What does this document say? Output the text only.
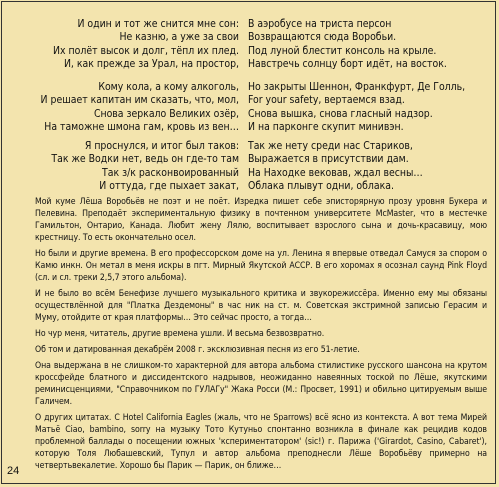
И один и тот же снится мне сон:
Не казню, а уже за свои
Их полёт высок и долг, тёпл их плед.
И, как прежде за Урал, на простор,
В аэробусе на триста персон
Возвращаются сюда Воробьи.
Под луной блестит консоль на крыле.
Навстречь солнцу борт идёт, на восток.
Кому кола, а кому алкоголь,
И решает капитан им сказать, что, мол,
Снова зеркало Великих озёр,
На таможне шмона гам, кровь из вен…
Но закрыты Шеннон, Франкфурт, Де Голль,
For your safety, вертаемся взад.
Снова вышка, снова гласный надзор.
И на парконге скупит минивэн.
Я проснулся, и итог был таков:
Так же Водки нет, ведь он где-то там
Так з/к расконвоированный
И оттуда, где пыхает закат,
Так же нету среди нас Стариков,
Выражается в присутствии дам.
На Находке вековав, ждал весны…
Облака плывут одни, облака.

Мой куме Лёша Воробьёв не поэт и не поёт. Изредка пишет себе эписторярную прозу уровня Букера и Пелевина. Преподаёт экспериментальную физику в почтенном университете McMaster, что в местечке Гамильтон, Онтарио, Канада. Любит жену Лялю, воспитывает взрослого сына и дочь-красавицу, мою крестницу. То есть окончательно осел.

Но были и другие времена. В его профессорском доме на ул. Ленина я впервые отведал Самуся за спором о Камю инкн. Он метал в меня искры в пгт. Мирный Якутской АССР. В его хоромах я осознал саунд Pink Floyd (сл. и сл. треки 2,5,7 этого альбома).

И не было во всём Бенефизе лучшего музыкального критика и звукорежиссёра. Именно ему мы обязаны осуществлённой для "Платка Дездемоны" в час ник на ст. м. Советская экстримной записью Герасим и Муму, отойдите от края платформы… Это сейчас просто, а тогда…

Но чур меня, читатель, другие времена ушли. И весьма безвозвратно.

Об том и датированная декабрём 2008 г. эксклюзивная песня из его 51-летие.

Она выдержана в не слишком-то характерной для автора альбома стилистике русского шансона на крутом кроссфейде блатного и диссидентского надрывов, неожиданно навеянных тоской по Лёше, якутскими реминисценциями, "Справочником по ГУЛАГу" Жака Росси (М.: Просвет, 1991) и обильно цитируемым выше Галичем.

О других цитатах. С Hotel California Eagles (жаль, что не Sparrows) всё ясно из контекста. А вот тема Мирей Матьё Ciao, bambino, sorry на музыку Тото Кутуньо спонтанно возникла в финале как рецидив кодов проблемной баллады о посещении южных 'кспериментатором' (sic!) г. Парижа ('Girardot, Casino, Cabaret'), которую Толя Любашевский, Тупул и автор альбома преподнесли Лёше Воробьёву примерно на четвертьвекалетие. Хорошо бы Парик — Парик, он ближе…

24
